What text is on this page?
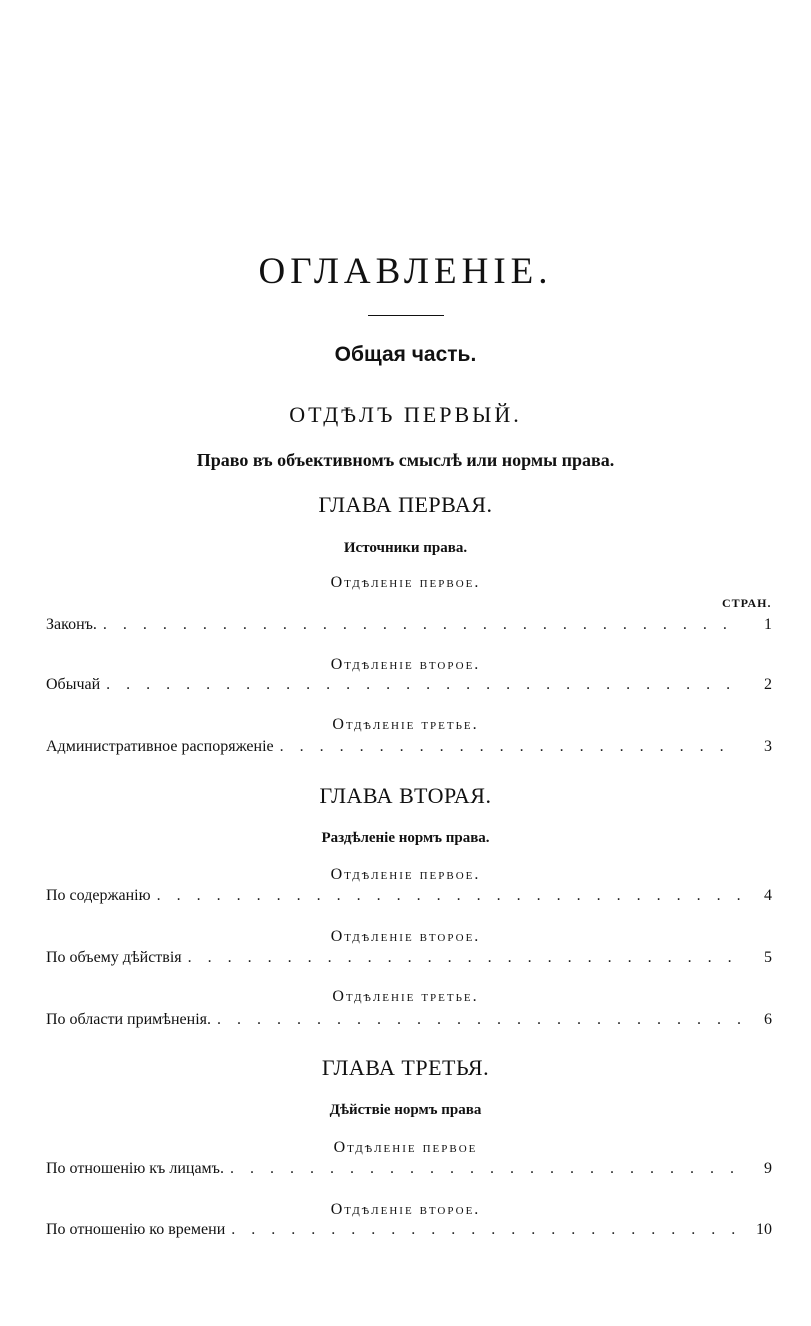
ОГЛАВЛЕНІЕ.
Общая часть.
ОТДѢЛЪ ПЕРВЫЙ.
Право въ объективномъ смыслѣ или нормы права.
ГЛАВА ПЕРВАЯ.
Источники права.
Отдѣленіе первое.
СТРАН.
Законъ. . . .	1
Отдѣленіе второе.
Обычай . . .	2
Отдѣленіе третье.
Административное распоряженіе . . .	3
ГЛАВА ВТОРАЯ.
Раздѣленіе нормъ права.
Отдѣленіе первое.
По содержанію . . .	4
Отдѣленіе второе.
По объему дѣйствія . . .	5
Отдѣленіе третье.
По области примѣненія. . . .	6
ГЛАВА ТРЕТЬЯ.
Дѣйствіе нормъ права
Отдѣленіе первое
По отношенію къ лицамъ. . . .	9
Отдѣленіе второе.
По отношенію ко времени . . .	10
